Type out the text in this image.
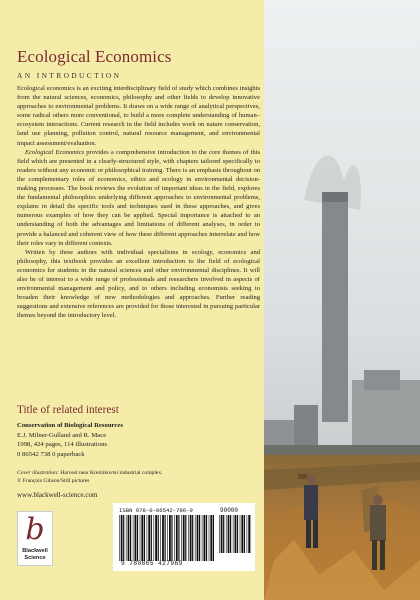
Ecological Economics
AN INTRODUCTION

Ecological economics is an exciting interdisciplinary field of study which combines insights from the natural sciences, economics, philosophy and other fields to develop innovative approaches to environmental problems. It draws on a wide range of analytical perspectives, some radical others more conventional, to build a more complete understanding of human–ecosystem interactions. Current research in the field includes work on nature conservation, land use planning, pollution control, natural resource management, and environmental impact assessment/evaluation.

Ecological Economics provides a comprehensive introduction to the core themes of this field which are presented in a clearly-structured style, with chapters tailored specifically to readers without any economic or philosophical training. There is an emphasis throughout on the complementary roles of economics, ethics and ecology in environmental decision-making processes. The book reviews the evolution of important ideas in the field, explores the fundamental philosophies underlying different approaches to environmental problems, explains in detail the specific tools and techniques used in these approaches, and gives numerous examples of how they can be applied. Special importance is attached to an understanding of both the advantages and limitations of different analyses, in order to provide a balanced and coherent view of how these different approaches interrelate and how their roles vary in different contexts.

Written by three authors with individual specialisms in ecology, economics and philosophy, this textbook provides an excellent introduction to the field of ecological economics for students in the natural sciences and other environmental disciplines. It will also be of interest to a wide range of professionals and researchers involved in aspects of environmental management and policy, and to others including economists seeking to broaden their knowledge of new methodologies and approaches. Further reading suggestions and extensive references are provided for those interested in pursuing particular themes beyond the introductory level.

Title of related interest
Conservation of Biological Resources
E.J. Milner-Gulland and R. Mace
1998, 424 pages, 114 illustrations
0 86542 738 0 paperback
Cover illustration: Harvest near Kremikovtsi industrial complex.
© François Gibson/Still pictures
www.blackwell-science.com
b
Blackwell
Science
ISBN 978-0-86542-796-9	90000
9 780865 427969
